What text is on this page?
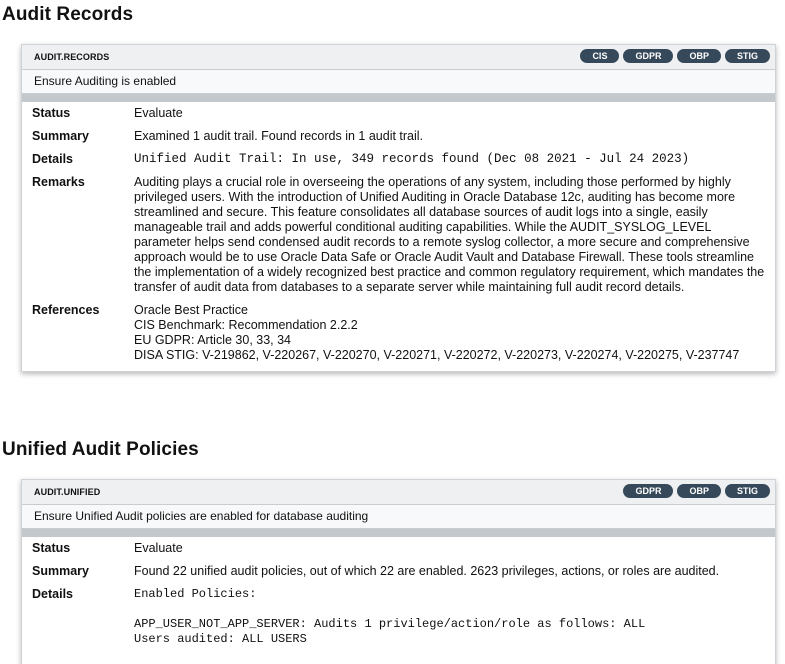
Audit Records
AUDIT.RECORDS	CIS	GDPR	OBP	STIG
Ensure Auditing is enabled
Status	Evaluate
Summary	Examined 1 audit trail. Found records in 1 audit trail.
Details	Unified Audit Trail: In use, 349 records found (Dec 08 2021 - Jul 24 2023)
Remarks	Auditing plays a crucial role in overseeing the operations of any system, including those performed by highly privileged users. With the introduction of Unified Auditing in Oracle Database 12c, auditing has become more streamlined and secure. This feature consolidates all database sources of audit logs into a single, easily manageable trail and adds powerful conditional auditing capabilities. While the AUDIT_SYSLOG_LEVEL parameter helps send condensed audit records to a remote syslog collector, a more secure and comprehensive approach would be to use Oracle Data Safe or Oracle Audit Vault and Database Firewall. These tools streamline the implementation of a widely recognized best practice and common regulatory requirement, which mandates the transfer of audit data from databases to a separate server while maintaining full audit record details.
References	Oracle Best Practice
CIS Benchmark: Recommendation 2.2.2
EU GDPR: Article 30, 33, 34
DISA STIG: V-219862, V-220267, V-220270, V-220271, V-220272, V-220273, V-220274, V-220275, V-237747
Unified Audit Policies
AUDIT.UNIFIED	GDPR	OBP	STIG
Ensure Unified Audit policies are enabled for database auditing
Status	Evaluate
Summary	Found 22 unified audit policies, out of which 22 are enabled. 2623 privileges, actions, or roles are audited.
Details	Enabled Policies:
APP_USER_NOT_APP_SERVER: Audits 1 privilege/action/role as follows: ALL
Users audited: ALL USERS
